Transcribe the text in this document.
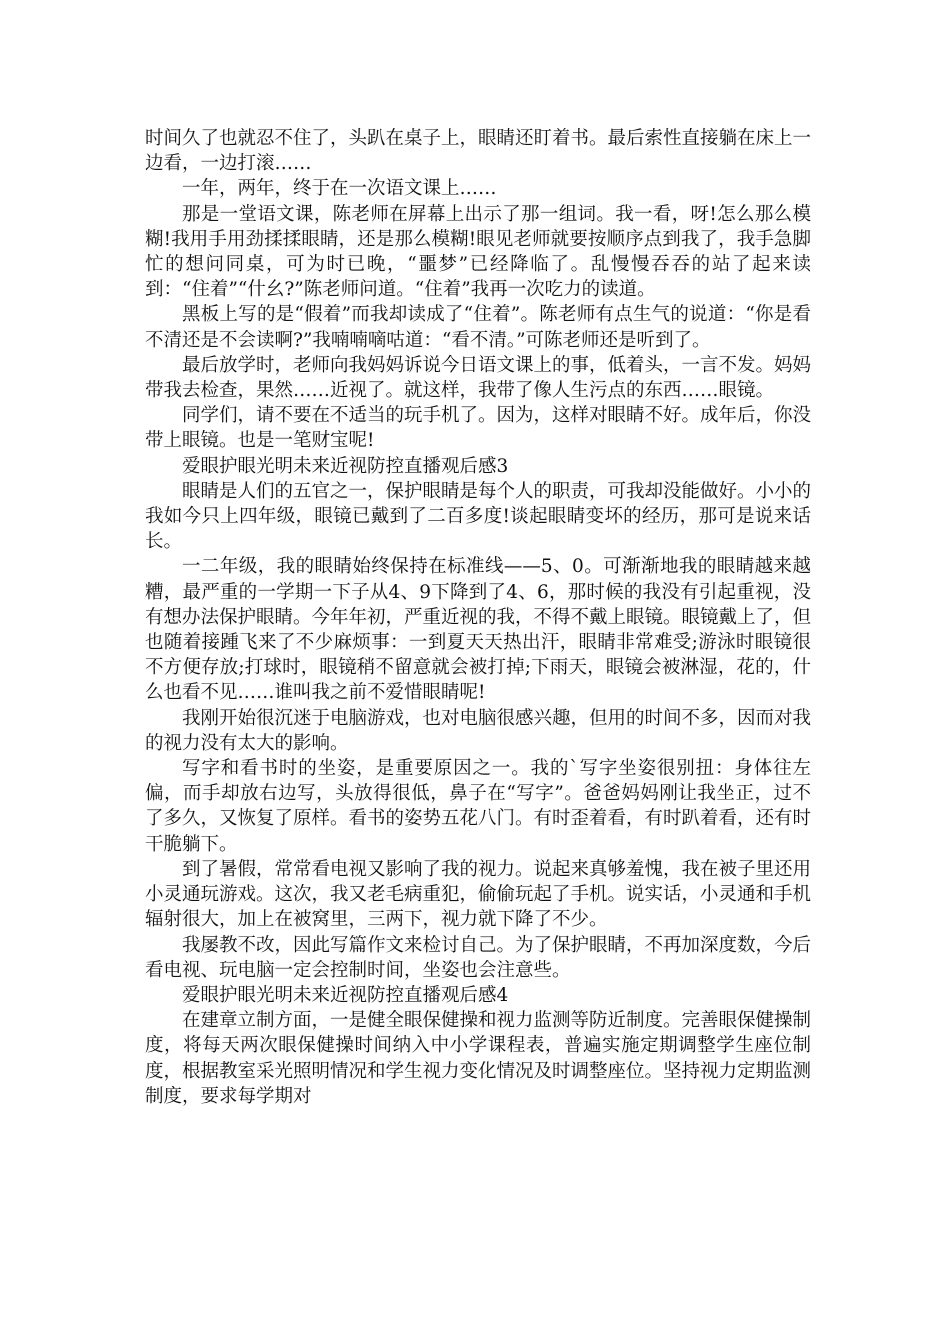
时间久了也就忍不住了，头趴在桌子上，眼睛还盯着书。最后索性直接躺在床上一边看，一边打滚……

一年，两年，终于在一次语文课上……

那是一堂语文课，陈老师在屏幕上出示了那一组词。我一看，呀!怎么那么模糊!我用手用劲揉揉眼睛，还是那么模糊!眼见老师就要按顺序点到我了，我手急脚忙的想问同桌，可为时已晚，“噩梦”已经降临了。乱慢慢吞吞的站了起来读到：“住着”“什幺?”陈老师问道。“住着”我再一次吃力的读道。

黑板上写的是“假着”而我却读成了“住着”。陈老师有点生气的说道：“你是看不清还是不会读啊?”我喃喃嘀咕道：“看不清。”可陈老师还是听到了。

最后放学时，老师向我妈妈诉说今日语文课上的事，低着头，一言不发。妈妈带我去检查，果然……近视了。就这样，我带了像人生污点的东西……眼镜。

同学们，请不要在不适当的玩手机了。因为，这样对眼睛不好。成年后，你没带上眼镜。也是一笔财宝呢!

爱眼护眼光明未来近视防控直播观后感3

眼睛是人们的五官之一，保护眼睛是每个人的职责，可我却没能做好。小小的我如今只上四年级，眼镜已戴到了二百多度!谈起眼睛变坏的经历，那可是说来话长。

一二年级，我的眼睛始终保持在标准线——5、0。可渐渐地我的眼睛越来越糟，最严重的一学期一下子从4、9下降到了4、6，那时候的我没有引起重视，没有想办法保护眼睛。今年年初，严重近视的我，不得不戴上眼镜。眼镜戴上了，但也随着接踵飞来了不少麻烦事：一到夏天天热出汗，眼睛非常难受;游泳时眼镜很不方便存放;打球时，眼镜稍不留意就会被打掉;下雨天，眼镜会被淋湿，花的，什么也看不见……谁叫我之前不爱惜眼睛呢!

我刚开始很沉迷于电脑游戏，也对电脑很感兴趣，但用的时间不多，因而对我的视力没有太大的影响。

写字和看书时的坐姿，是重要原因之一。我的`写字坐姿很别扭：身体往左偏，而手却放右边写，头放得很低，鼻子在“写字”。爸爸妈妈刚让我坐正，过不了多久，又恢复了原样。看书的姿势五花八门。有时歪着看，有时趴着看，还有时干脆躺下。

到了暑假，常常看电视又影响了我的视力。说起来真够羞愧，我在被子里还用小灵通玩游戏。这次，我又老毛病重犯，偷偷玩起了手机。说实话，小灵通和手机辐射很大，加上在被窝里，三两下，视力就下降了不少。

我屡教不改，因此写篇作文来检讨自己。为了保护眼睛，不再加深度数，今后看电视、玩电脑一定会控制时间，坐姿也会注意些。

爱眼护眼光明未来近视防控直播观后感4

在建章立制方面，一是健全眼保健操和视力监测等防近制度。完善眼保健操制度，将每天两次眼保健操时间纳入中小学课程表，普遍实施定期调整学生座位制度，根据教室采光照明情况和学生视力变化情况及时调整座位。坚持视力定期监测制度，要求每学期对
